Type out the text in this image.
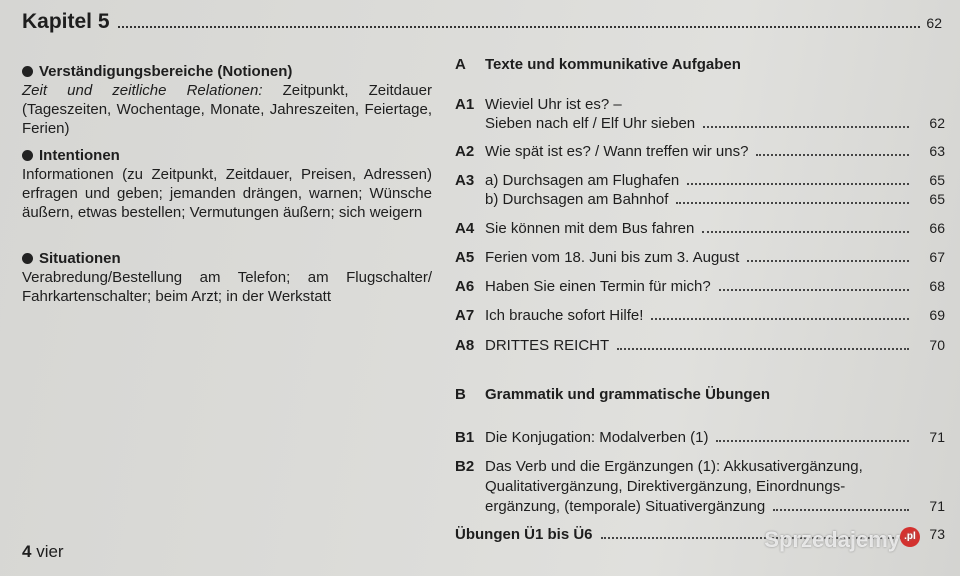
Kapitel 5	62
Verständigungsbereiche (Notionen)

Zeit und zeitliche Relationen: Zeitpunkt, Zeitdauer (Tageszeiten, Wochentage, Monate, Jahreszeiten, Feiertage, Ferien)

Intentionen

Informationen (zu Zeitpunkt, Zeitdauer, Preisen, Adressen) erfragen und geben; jemanden drängen, warnen; Wünsche äußern, etwas bestellen; Vermutungen äußern; sich weigern

Situationen

Verabredung/Bestellung am Telefon; am Flugschalter/ Fahrkartenschalter; beim Arzt; in der Werkstatt

A	Texte und kommunikative Aufgaben
A1 Wieviel Uhr ist es? –
Sieben nach elf / Elf Uhr sieben	62
A2 Wie spät ist es? / Wann treffen wir uns?	63
A3 a) Durchsagen am Flughafen	65
b) Durchsagen am Bahnhof	65
A4 Sie können mit dem Bus fahren	66
A5 Ferien vom 18. Juni bis zum 3. August	67
A6 Haben Sie einen Termin für mich?	68
A7 Ich brauche sofort Hilfe!	69
A8 DRITTES REICHT	70
B	Grammatik und grammatische Übungen
B1 Die Konjugation: Modalverben (1)	71
B2 Das Verb und die Ergänzungen (1): Akkusativergänzung,
Qualitativergänzung, Direktivergänzung, Einordnungs-
ergänzung, (temporale) Situativergänzung	71
Übungen Ü1 bis Ü6	73
4 vier	Sprzedajemy .pl
